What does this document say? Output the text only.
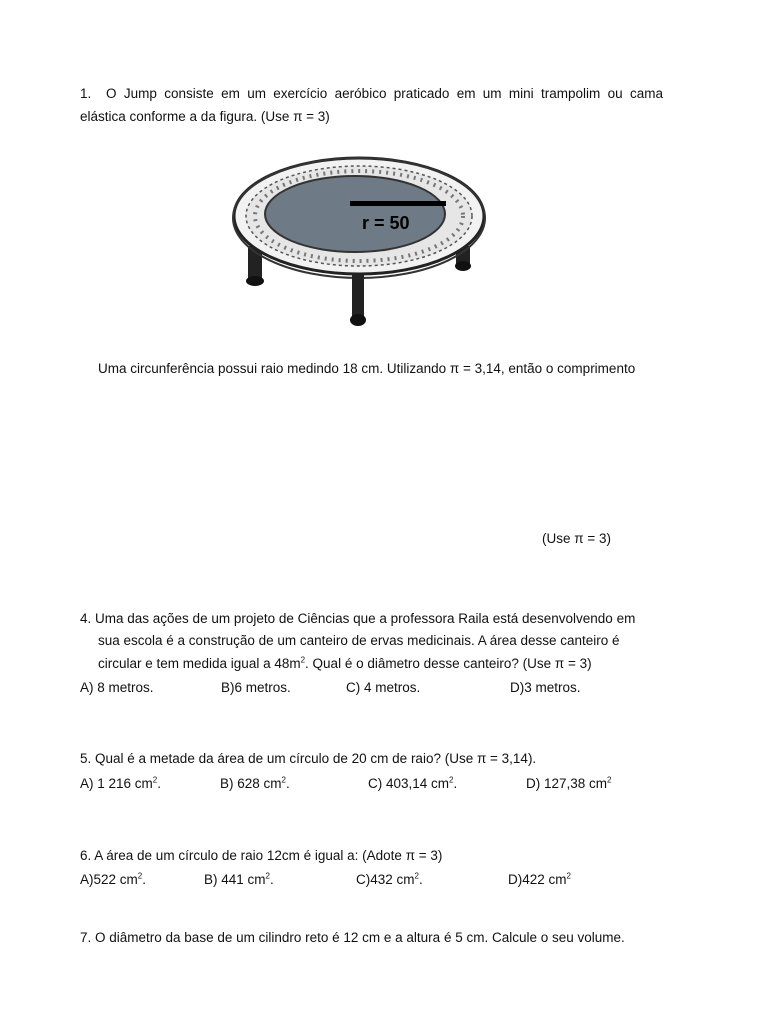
1. O Jump consiste em um exercício aeróbico praticado em um mini trampolim ou cama
elástica conforme a da figura. (Use π = 3)
r = 50
Uma circunferência possui raio medindo 18 cm. Utilizando π = 3,14, então o comprimento
(Use π = 3)
4. Uma das ações de um projeto de Ciências que a professora Raila está desenvolvendo em
sua escola é a construção de um canteiro de ervas medicinais. A área desse canteiro é
circular e tem medida igual a $48m^2$. Qual é o diâmetro desse canteiro? (Use π = 3)
A) 8 metros.	B)6 metros.	C) 4 metros.	D)3 metros.
5. Qual é a metade da área de um círculo de 20 cm de raio? (Use π = 3,14).
A) 1 216 $cm^2$.	B) 628 $cm^2$.	C) 403,14 $cm^2$.	D) 127,38 $cm^2$
6. A área de um círculo de raio 12cm é igual a: (Adote π = 3)
A)522 $cm^2$.	B) 441 $cm^2$.	C)432 $cm^2$.	D)422 $cm^2$
7. O diâmetro da base de um cilindro reto é 12 cm e a altura é 5 cm. Calcule o seu volume.
